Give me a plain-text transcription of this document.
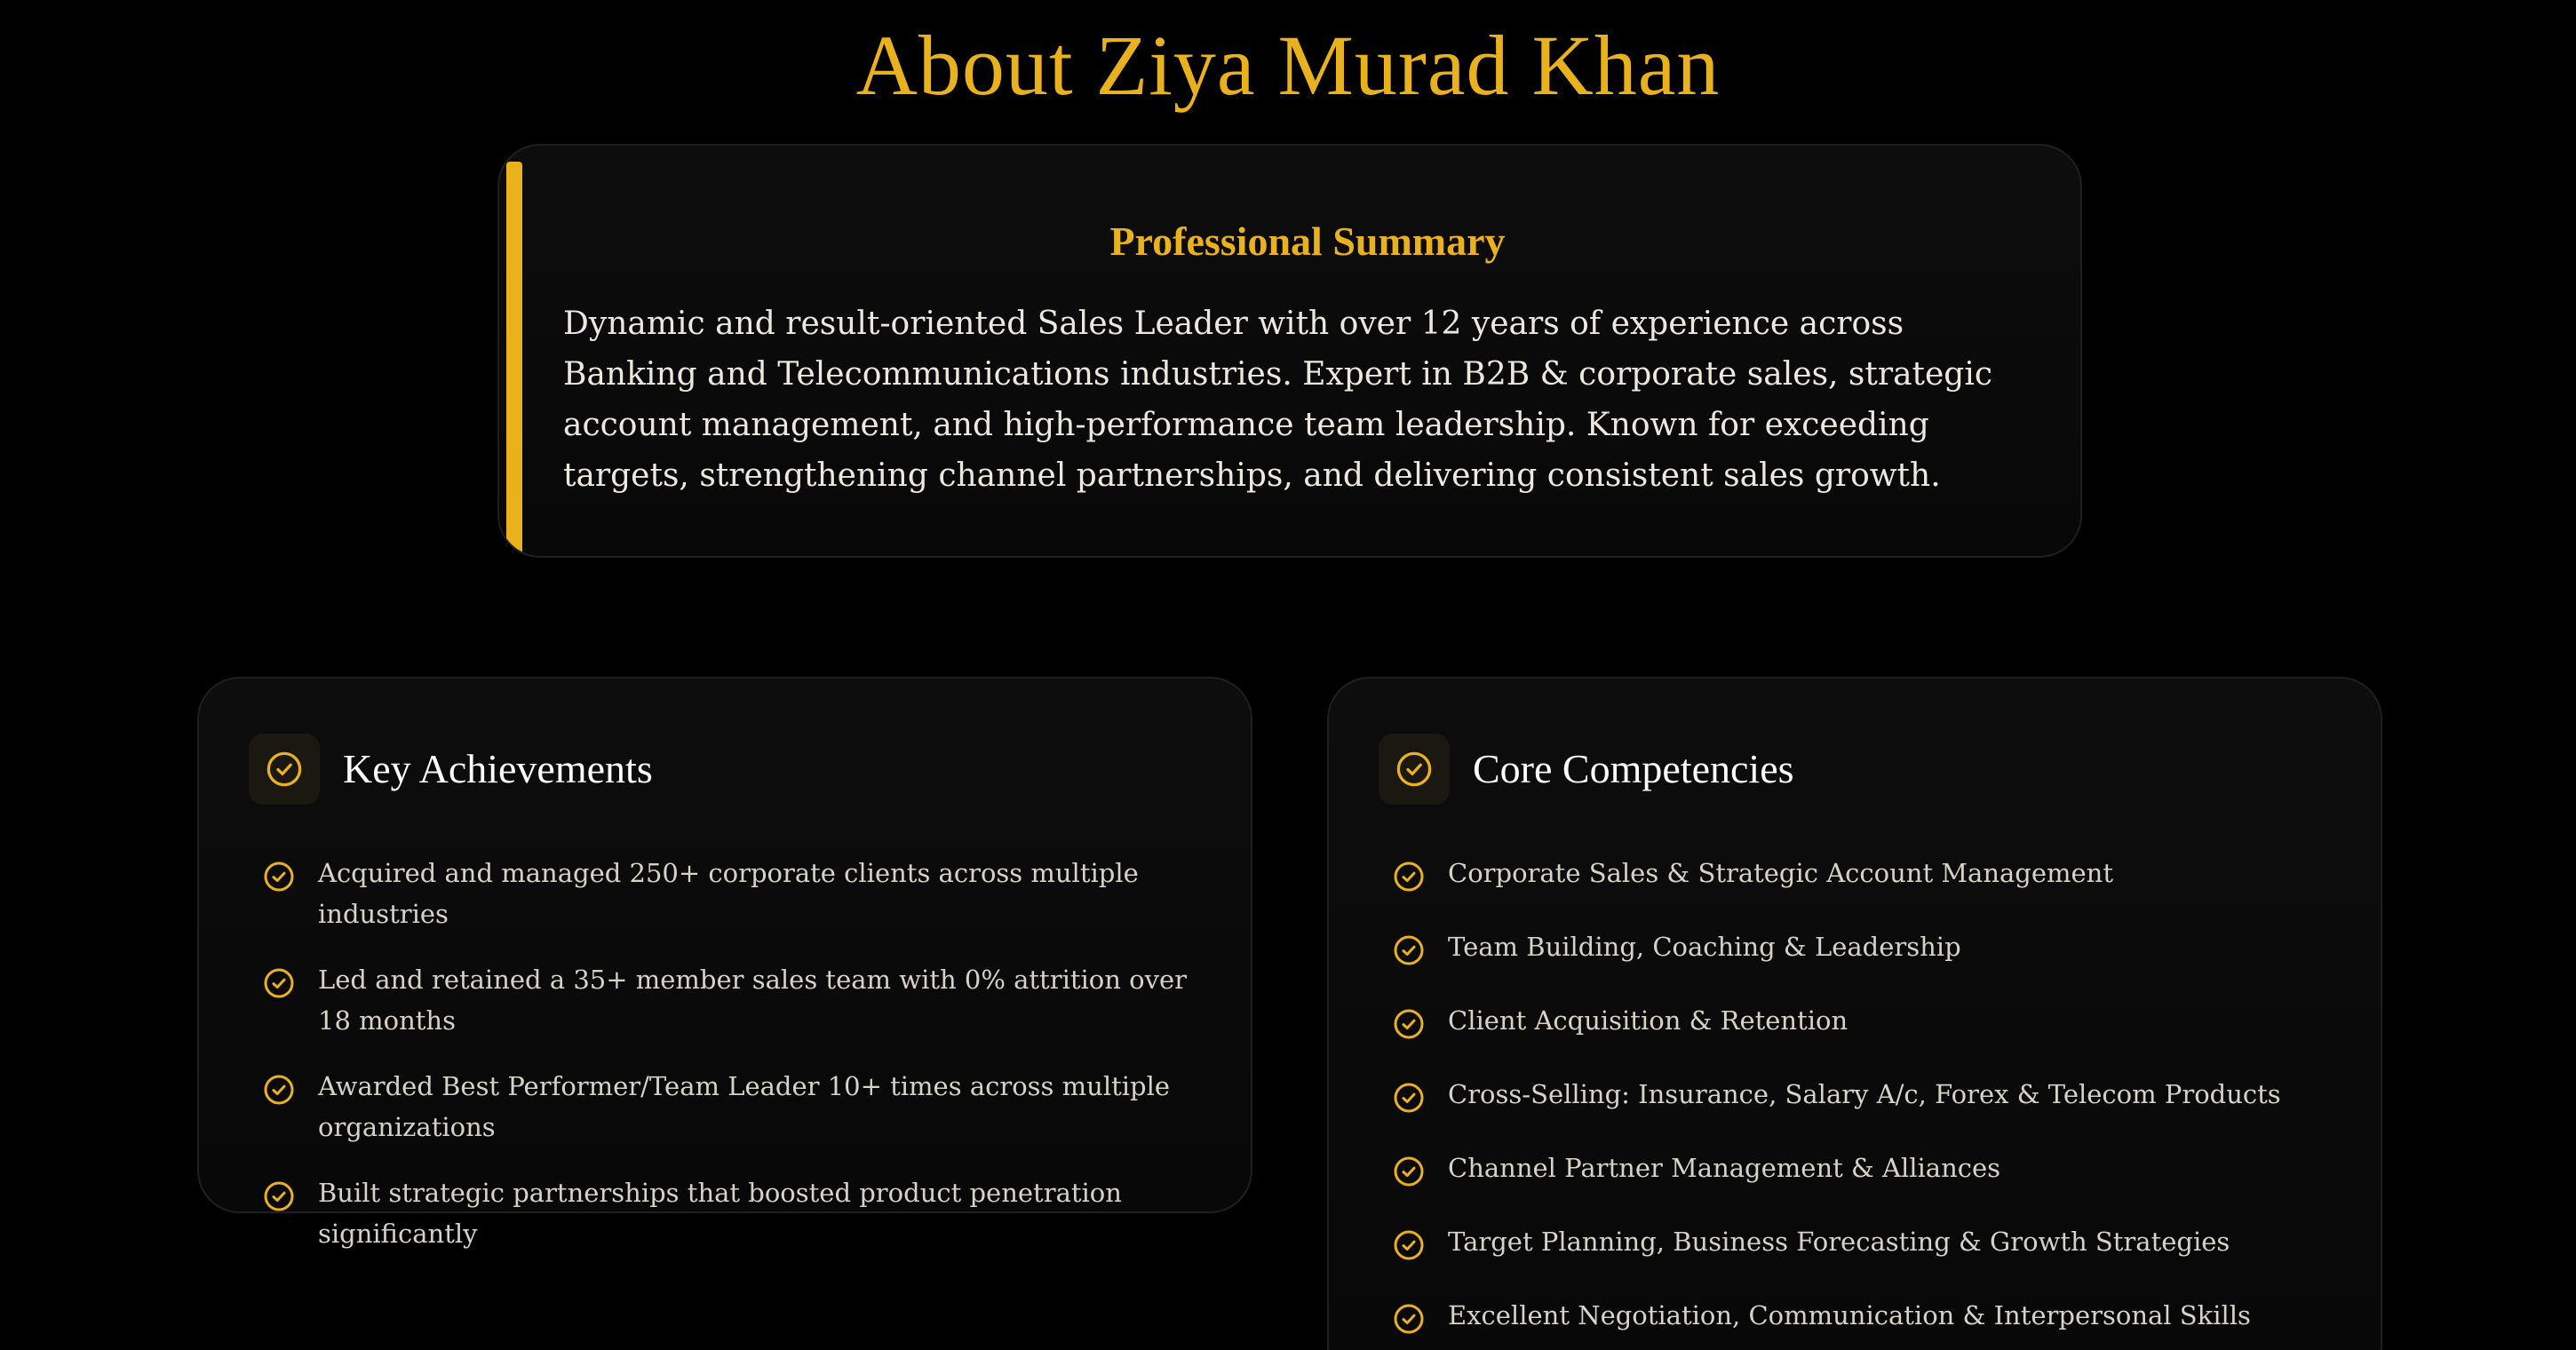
About Ziya Murad Khan
Professional Summary

Dynamic and result-oriented Sales Leader with over 12 years of experience across Banking and Telecommunications industries. Expert in B2B & corporate sales, strategic account management, and high-performance team leadership. Known for exceeding targets, strengthening channel partnerships, and delivering consistent sales growth.

Key Achievements
Acquired and managed 250+ corporate clients across multiple industries
Led and retained a 35+ member sales team with 0% attrition over 18 months
Awarded Best Performer/Team Leader 10+ times across multiple organizations
Built strategic partnerships that boosted product penetration significantly
Core Competencies
Corporate Sales & Strategic Account Management
Team Building, Coaching & Leadership
Client Acquisition & Retention
Cross-Selling: Insurance, Salary A/c, Forex & Telecom Products
Channel Partner Management & Alliances
Target Planning, Business Forecasting & Growth Strategies
Excellent Negotiation, Communication & Interpersonal Skills
